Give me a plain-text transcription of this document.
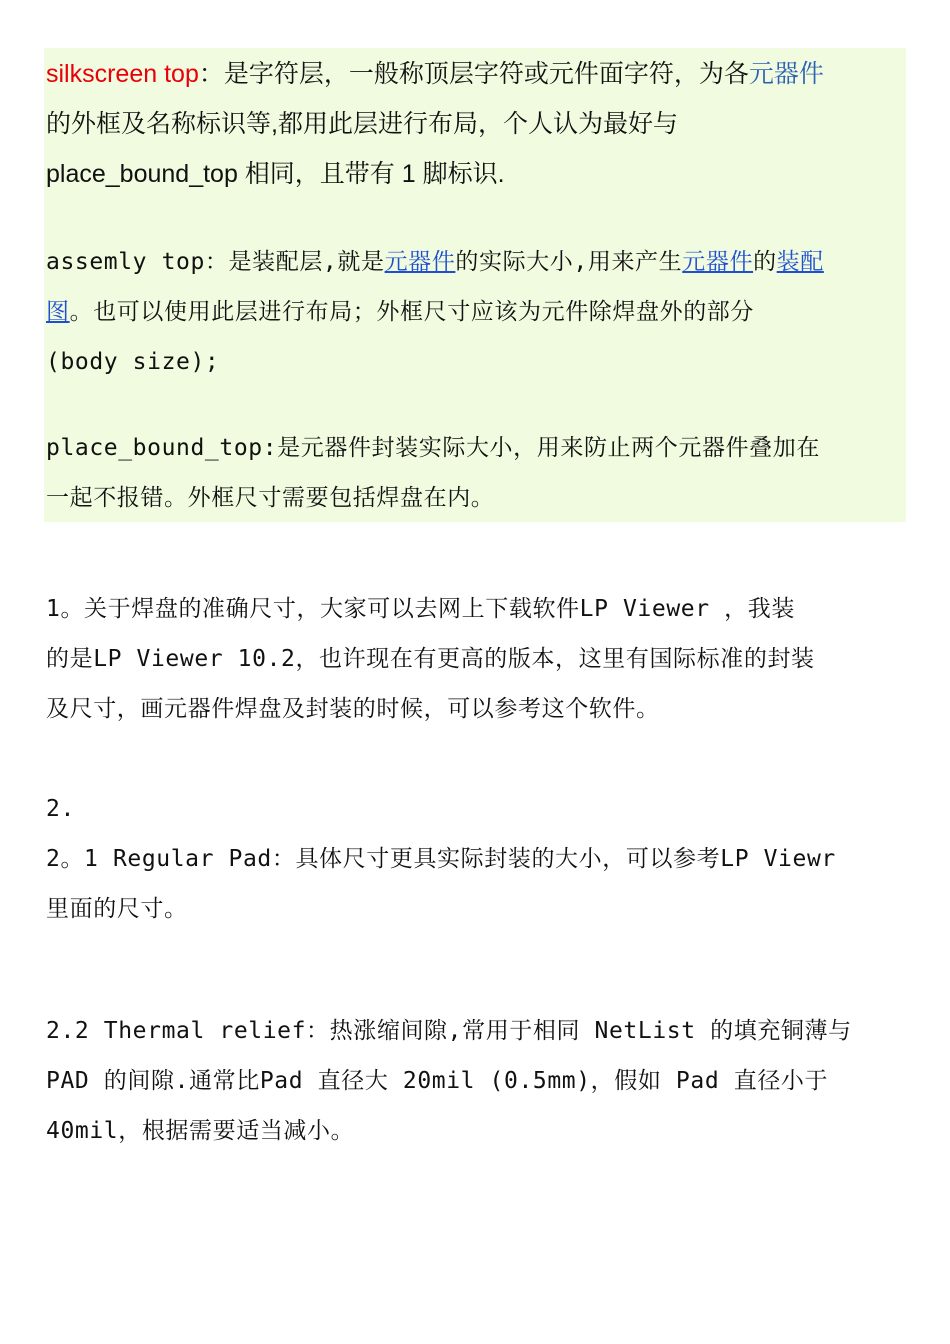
silkscreen top：是字符层，一般称顶层字符或元件面字符，为各元器件
的外框及名称标识等,都用此层进行布局，个人认为最好与
place_bound_top 相同，且带有 1 脚标识.
assemly top：是装配层,就是元器件的实际大小,用来产生元器件的装配
图。也可以使用此层进行布局；外框尺寸应该为元件除焊盘外的部分
(body size);
place_bound_top:是元器件封装实际大小，用来防止两个元器件叠加在
一起不报错。外框尺寸需要包括焊盘在内。
1。关于焊盘的准确尺寸，大家可以去网上下载软件LP Viewer ，我装
的是LP Viewer 10.2，也许现在有更高的版本，这里有国际标准的封装
及尺寸，画元器件焊盘及封装的时候，可以参考这个软件。
2.
2。1 Regular Pad：具体尺寸更具实际封装的大小，可以参考LP Viewr
里面的尺寸。
2.2 Thermal relief：热涨缩间隙,常用于相同 NetList 的填充铜薄与
PAD 的间隙.通常比Pad 直径大 20mil (0.5mm)，假如 Pad 直径小于
40mil，根据需要适当减小。
